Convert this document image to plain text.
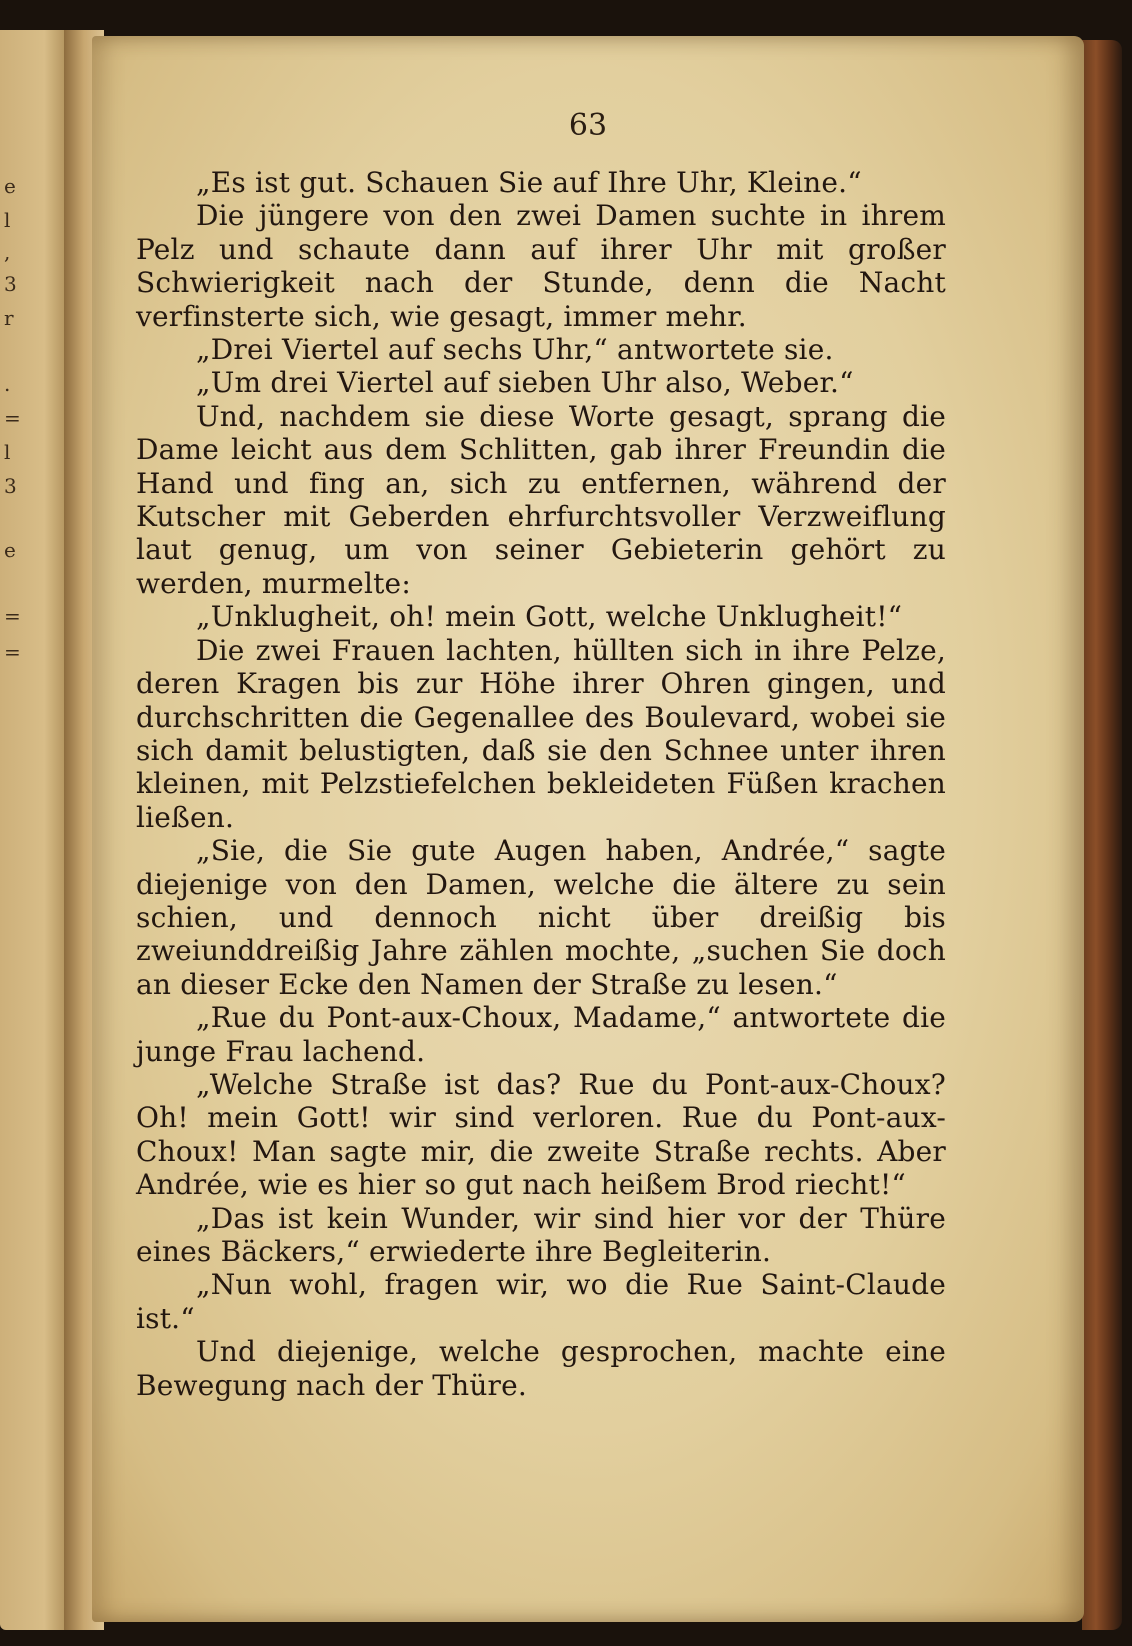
e
l
,
3
r
.
=
l
3
e
=
=
63

„Es ist gut. Schauen Sie auf Ihre Uhr, Kleine.“

Die jüngere von den zwei Damen suchte in ihrem Pelz und schaute dann auf ihrer Uhr mit großer Schwierigkeit nach der Stunde, denn die Nacht verfinsterte sich, wie gesagt, immer mehr.

„Drei Viertel auf sechs Uhr,“ antwortete sie.

„Um drei Viertel auf sieben Uhr also, Weber.“

Und, nachdem sie diese Worte gesagt, sprang die Dame leicht aus dem Schlitten, gab ihrer Freundin die Hand und fing an, sich zu entfernen, während der Kutscher mit Geberden ehrfurchtsvoller Verzweiflung laut genug, um von seiner Gebieterin gehört zu werden, murmelte:

„Unklugheit, oh! mein Gott, welche Unklugheit!“

Die zwei Frauen lachten, hüllten sich in ihre Pelze, deren Kragen bis zur Höhe ihrer Ohren gingen, und durchschritten die Gegenallee des Boulevard, wobei sie sich damit belustigten, daß sie den Schnee unter ihren kleinen, mit Pelzstiefelchen bekleideten Füßen krachen ließen.

„Sie, die Sie gute Augen haben, Andrée,“ sagte diejenige von den Damen, welche die ältere zu sein schien, und dennoch nicht über dreißig bis zweiunddreißig Jahre zählen mochte, „suchen Sie doch an dieser Ecke den Namen der Straße zu lesen.“

„Rue du Pont-aux-Choux, Madame,“ antwortete die junge Frau lachend.

„Welche Straße ist das? Rue du Pont-aux-Choux? Oh! mein Gott! wir sind verloren. Rue du Pont-aux-Choux! Man sagte mir, die zweite Straße rechts. Aber Andrée, wie es hier so gut nach heißem Brod riecht!“

„Das ist kein Wunder, wir sind hier vor der Thüre eines Bäckers,“ erwiederte ihre Begleiterin.

„Nun wohl, fragen wir, wo die Rue Saint-Claude ist.“

Und diejenige, welche gesprochen, machte eine Bewegung nach der Thüre.
